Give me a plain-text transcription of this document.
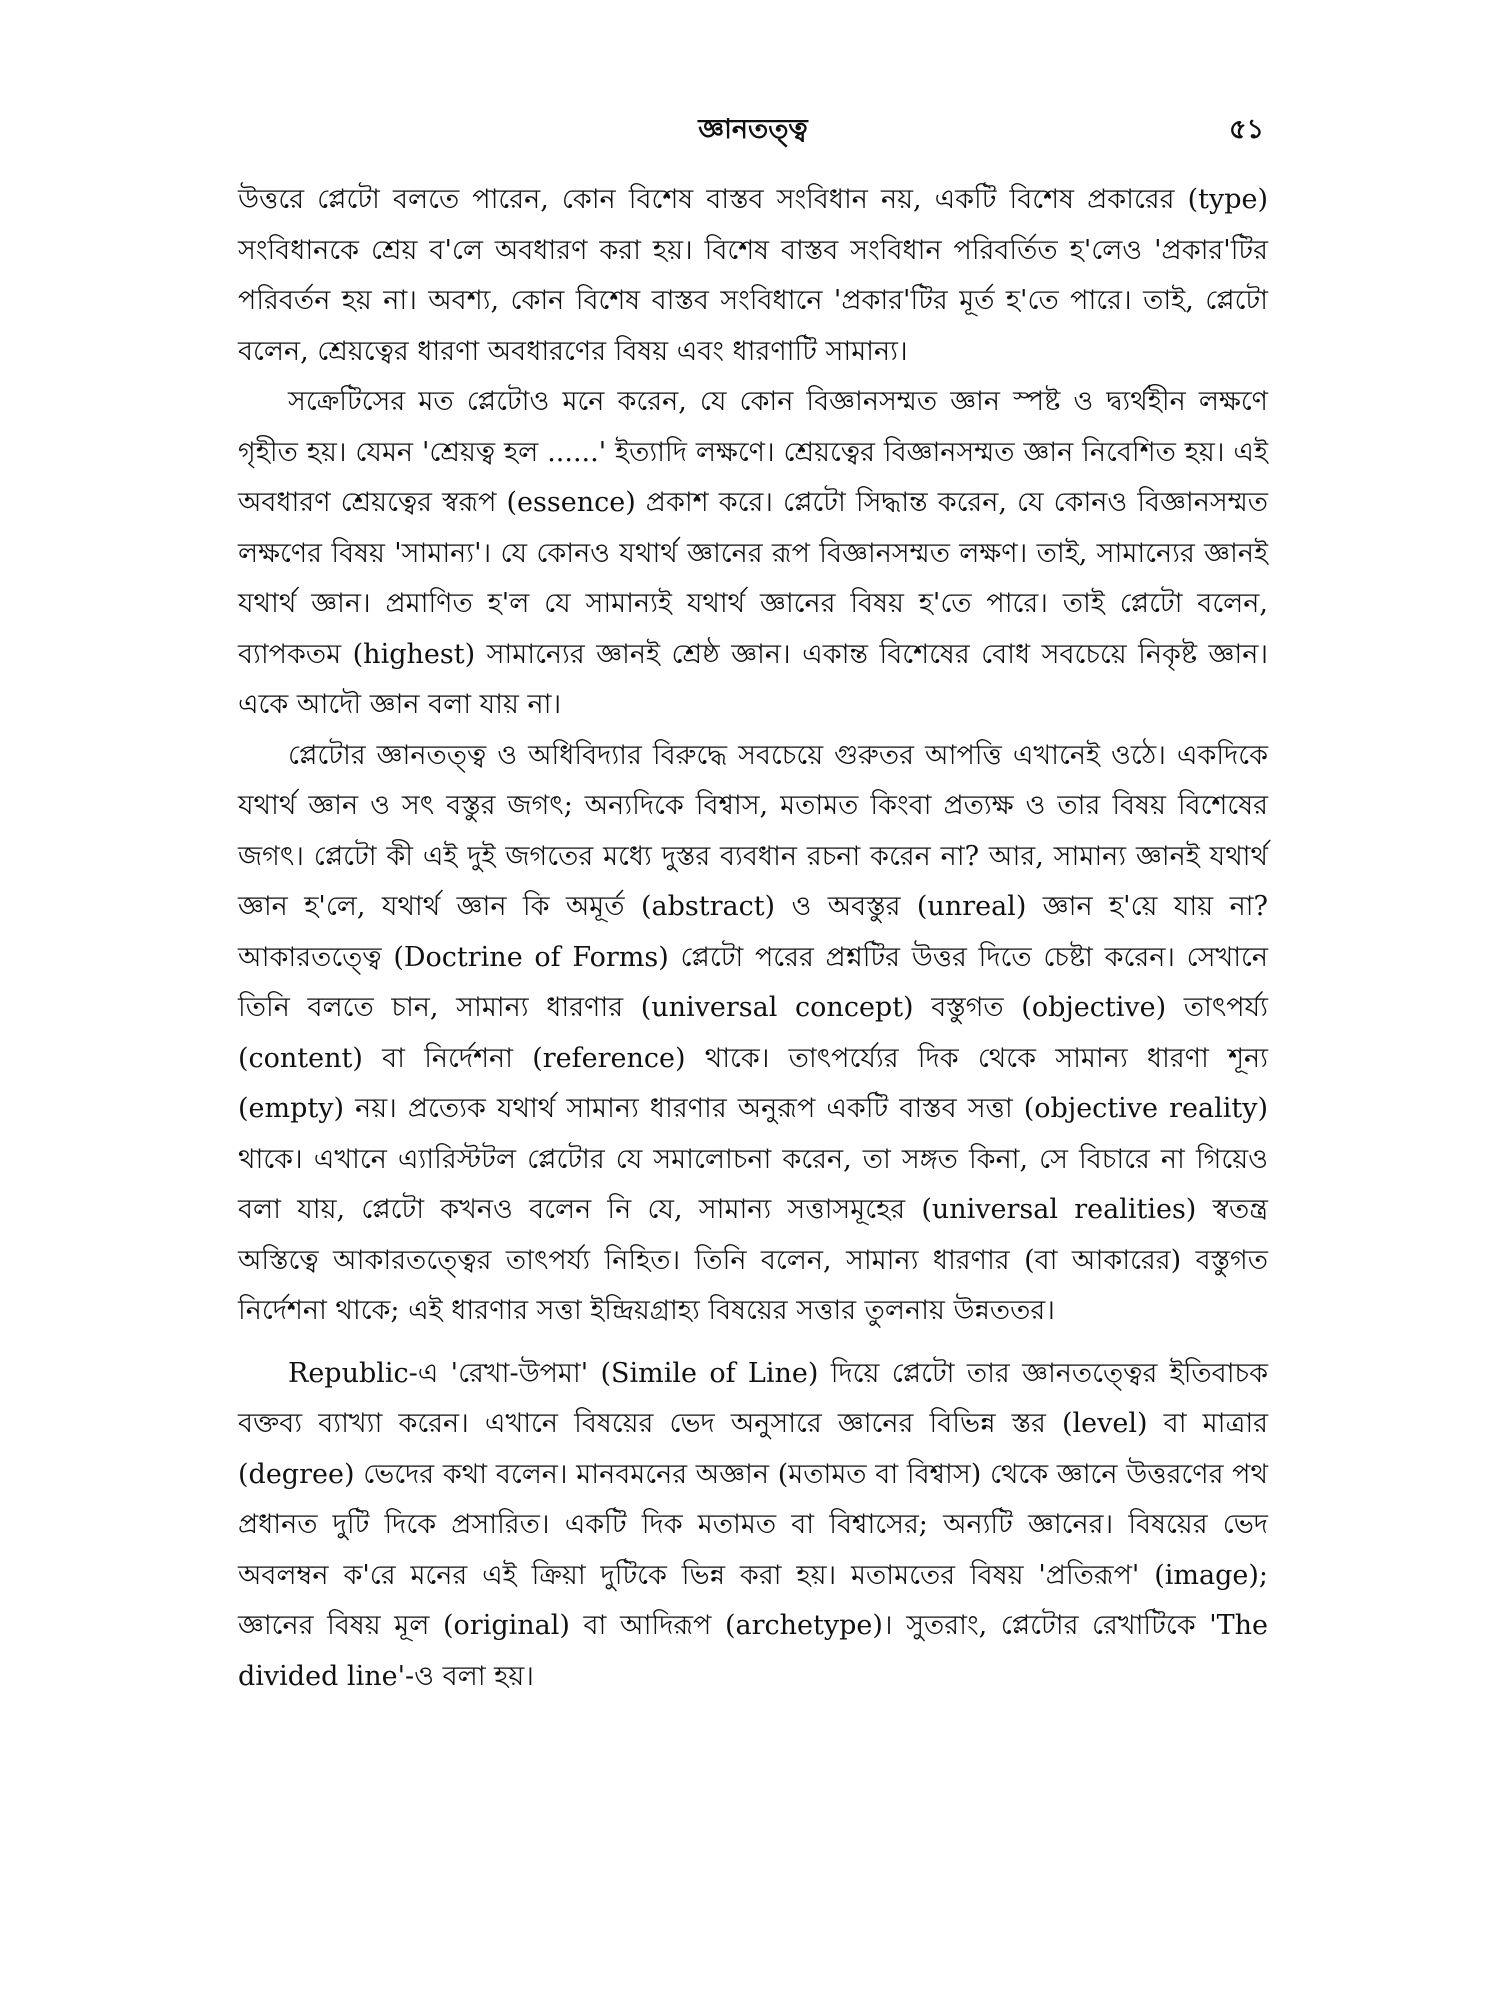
জ্ঞানতত্ত্ব	৫১

উত্তরে প্লেটো বলতে পারেন, কোন বিশেষ বাস্তব সংবিধান নয়, একটি বিশেষ প্রকারের (type) সংবিধানকে শ্রেয় ব'লে অবধারণ করা হয়। বিশেষ বাস্তব সংবিধান পরিবর্তিত হ'লেও 'প্রকার'টির পরিবর্তন হয় না। অবশ্য, কোন বিশেষ বাস্তব সংবিধানে 'প্রকার'টির মূর্ত হ'তে পারে। তাই, প্লেটো বলেন, শ্রেয়ত্বের ধারণা অবধারণের বিষয় এবং ধারণাটি সামান্য।

সক্রেটিসের মত প্লেটোও মনে করেন, যে কোন বিজ্ঞানসম্মত জ্ঞান স্পষ্ট ও দ্ব্যর্থহীন লক্ষণে গৃহীত হয়। যেমন 'শ্রেয়ত্ব হল ......' ইত্যাদি লক্ষণে। শ্রেয়ত্বের বিজ্ঞানসম্মত জ্ঞান নিবেশিত হয়। এই অবধারণ শ্রেয়ত্বের স্বরূপ (essence) প্রকাশ করে। প্লেটো সিদ্ধান্ত করেন, যে কোনও বিজ্ঞানসম্মত লক্ষণের বিষয় 'সামান্য'। যে কোনও যথার্থ জ্ঞানের রূপ বিজ্ঞানসম্মত লক্ষণ। তাই, সামান্যের জ্ঞানই যথার্থ জ্ঞান। প্রমাণিত হ'ল যে সামান্যই যথার্থ জ্ঞানের বিষয় হ'তে পারে। তাই প্লেটো বলেন, ব্যাপকতম (highest) সামান্যের জ্ঞানই শ্রেষ্ঠ জ্ঞান। একান্ত বিশেষের বোধ সবচেয়ে নিকৃষ্ট জ্ঞান। একে আদৌ জ্ঞান বলা যায় না।

প্লেটোর জ্ঞানতত্ত্ব ও অধিবিদ্যার বিরুদ্ধে সবচেয়ে গুরুতর আপত্তি এখানেই ওঠে। একদিকে যথার্থ জ্ঞান ও সৎ বস্তুর জগৎ; অন্যদিকে বিশ্বাস, মতামত কিংবা প্রত্যক্ষ ও তার বিষয় বিশেষের জগৎ। প্লেটো কী এই দুই জগতের মধ্যে দুস্তর ব্যবধান রচনা করেন না? আর, সামান্য জ্ঞানই যথার্থ জ্ঞান হ'লে, যথার্থ জ্ঞান কি অমূর্ত (abstract) ও অবস্তুর (unreal) জ্ঞান হ'য়ে যায় না? আকারতত্ত্বে (Doctrine of Forms) প্লেটো পরের প্রশ্নটির উত্তর দিতে চেষ্টা করেন। সেখানে তিনি বলতে চান, সামান্য ধারণার (universal concept) বস্তুগত (objective) তাৎপর্য্য (content) বা নির্দেশনা (reference) থাকে। তাৎপর্য্যের দিক থেকে সামান্য ধারণা শূন্য (empty) নয়। প্রত্যেক যথার্থ সামান্য ধারণার অনুরূপ একটি বাস্তব সত্তা (objective reality) থাকে। এখানে এ্যারিস্টটল প্লেটোর যে সমালোচনা করেন, তা সঙ্গত কিনা, সে বিচারে না গিয়েও বলা যায়, প্লেটো কখনও বলেন নি যে, সামান্য সত্তাসমূহের (universal realities) স্বতন্ত্র অস্তিত্বে আকারতত্ত্বের তাৎপর্য্য নিহিত। তিনি বলেন, সামান্য ধারণার (বা আকারের) বস্তুগত নির্দেশনা থাকে; এই ধারণার সত্তা ইন্দ্রিয়গ্রাহ্য বিষয়ের সত্তার তুলনায় উন্নততর।

Republic-এ 'রেখা-উপমা' (Simile of Line) দিয়ে প্লেটো তার জ্ঞানতত্ত্বের ইতিবাচক বক্তব্য ব্যাখ্যা করেন। এখানে বিষয়ের ভেদ অনুসারে জ্ঞানের বিভিন্ন স্তর (level) বা মাত্রার (degree) ভেদের কথা বলেন। মানবমনের অজ্ঞান (মতামত বা বিশ্বাস) থেকে জ্ঞানে উত্তরণের পথ প্রধানত দুটি দিকে প্রসারিত। একটি দিক মতামত বা বিশ্বাসের; অন্যটি জ্ঞানের। বিষয়ের ভেদ অবলম্বন ক'রে মনের এই ক্রিয়া দুটিকে ভিন্ন করা হয়। মতামতের বিষয় 'প্রতিরূপ' (image); জ্ঞানের বিষয় মূল (original) বা আদিরূপ (archetype)। সুতরাং, প্লেটোর রেখাটিকে 'The divided line'-ও বলা হয়।
